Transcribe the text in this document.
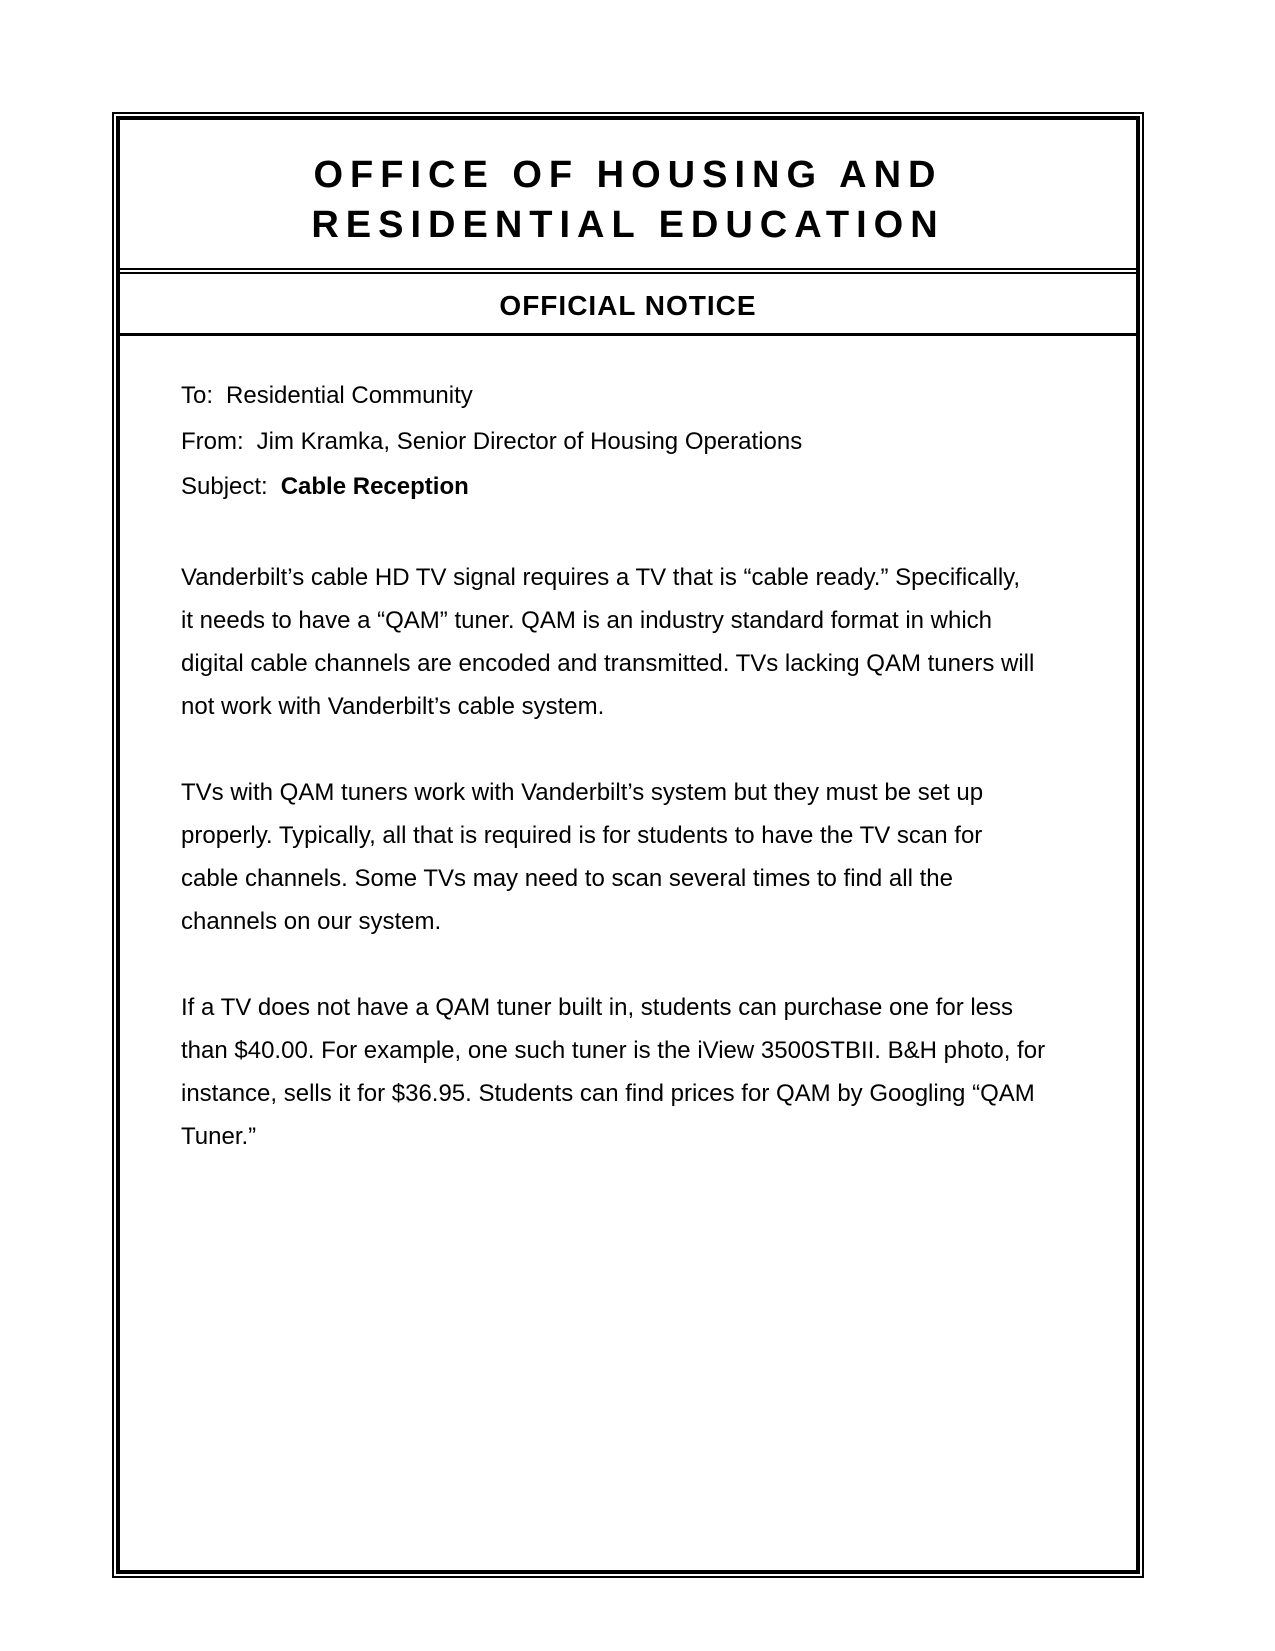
OFFICE OF HOUSING AND
RESIDENTIAL EDUCATION
OFFICIAL NOTICE
To: Residential Community
From: Jim Kramka, Senior Director of Housing Operations
Subject: Cable Reception
Vanderbilt’s cable HD TV signal requires a TV that is “cable ready.” Specifically,
it needs to have a “QAM” tuner. QAM is an industry standard format in which
digital cable channels are encoded and transmitted. TVs lacking QAM tuners will
not work with Vanderbilt’s cable system.
TVs with QAM tuners work with Vanderbilt’s system but they must be set up
properly. Typically, all that is required is for students to have the TV scan for
cable channels. Some TVs may need to scan several times to find all the
channels on our system.
If a TV does not have a QAM tuner built in, students can purchase one for less
than $40.00. For example, one such tuner is the iView 3500STBII. B&H photo, for
instance, sells it for $36.95. Students can find prices for QAM by Googling “QAM
Tuner.”
